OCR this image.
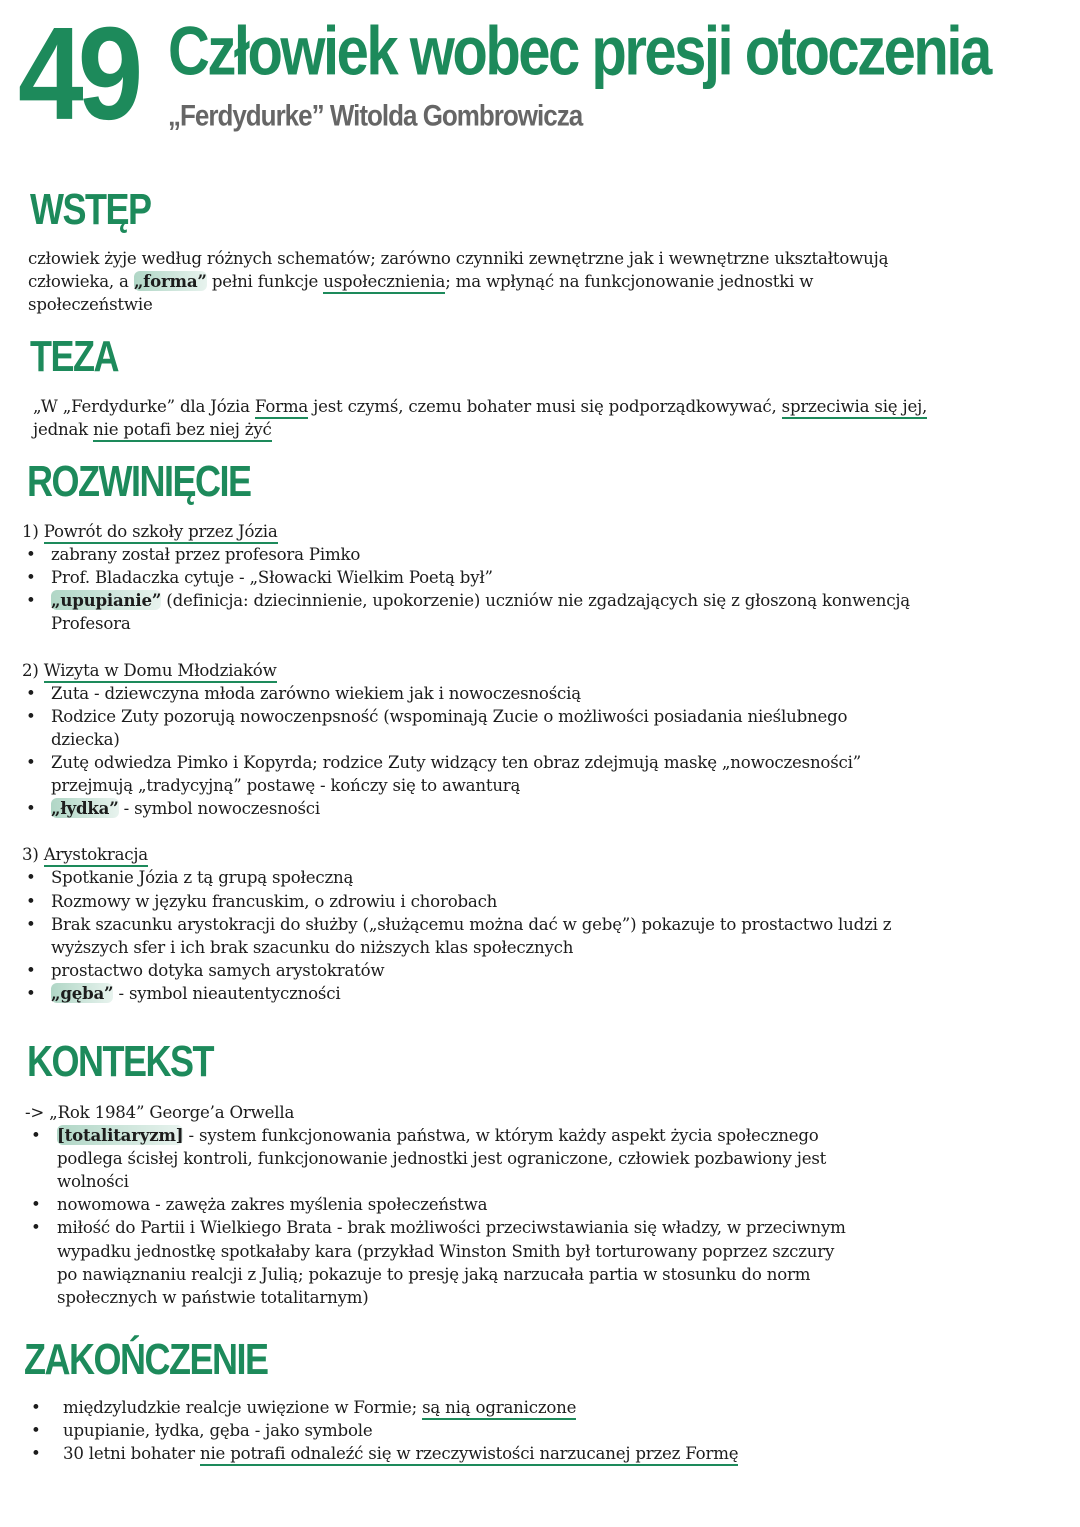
49 Człowiek wobec presji otoczenia
„Ferdydurke” Witolda Gombrowicza
WSTĘP
człowiek żyje według różnych schematów; zarówno czynniki zewnętrzne jak i wewnętrzne ukształtowują
człowieka, a „forma” pełni funkcje uspołecznienia; ma wpłynąć na funkcjonowanie jednostki w
społeczeństwie
TEZA
„W „Ferdydurke” dla Józia Forma jest czymś, czemu bohater musi się podporządkowywać, sprzeciwia się jej,
jednak nie potafi bez niej żyć
ROZWINIĘCIE
1) Powrót do szkoły przez Józia
• zabrany został przez profesora Pimko
• Prof. Bladaczka cytuje - „Słowacki Wielkim Poetą był”
• „upupianie” (definicja: dziecinnienie, upokorzenie) uczniów nie zgadzających się z głoszoną konwencją
Profesora
2) Wizyta w Domu Młodziaków
• Zuta - dziewczyna młoda zarówno wiekiem jak i nowoczesnością
• Rodzice Zuty pozorują nowoczenpsność (wspominają Zucie o możliwości posiadania nieślubnego
dziecka)
• Zutę odwiedza Pimko i Kopyrda; rodzice Zuty widzący ten obraz zdejmują maskę „nowoczesności”
przejmują „tradycyjną” postawę - kończy się to awanturą
• „łydka” - symbol nowoczesności
3) Arystokracja
• Spotkanie Józia z tą grupą społeczną
• Rozmowy w języku francuskim, o zdrowiu i chorobach
• Brak szacunku arystokracji do służby („służącemu można dać w gebę”) pokazuje to prostactwo ludzi z
wyższych sfer i ich brak szacunku do niższych klas społecznych
• prostactwo dotyka samych arystokratów
• „gęba” - symbol nieautentyczności
KONTEKST
-> „Rok 1984” George’a Orwella
• [totalitaryzm] - system funkcjonowania państwa, w którym każdy aspekt życia społecznego
podlega ścisłej kontroli, funkcjonowanie jednostki jest ograniczone, człowiek pozbawiony jest
wolności
• nowomowa - zawęża zakres myślenia społeczeństwa
• miłość do Partii i Wielkiego Brata - brak możliwości przeciwstawiania się władzy, w przeciwnym
wypadku jednostkę spotkałaby kara (przykład Winston Smith był torturowany poprzez szczury
po nawiąznaniu realcji z Julią; pokazuje to presję jaką narzucała partia w stosunku do norm
społecznych w państwie totalitarnym)
ZAKOŃCZENIE
• międzyludzkie realcje uwięzione w Formie; są nią ograniczone
• upupianie, łydka, gęba - jako symbole
• 30 letni bohater nie potrafi odnaleźć się w rzeczywistości narzucanej przez Formę
